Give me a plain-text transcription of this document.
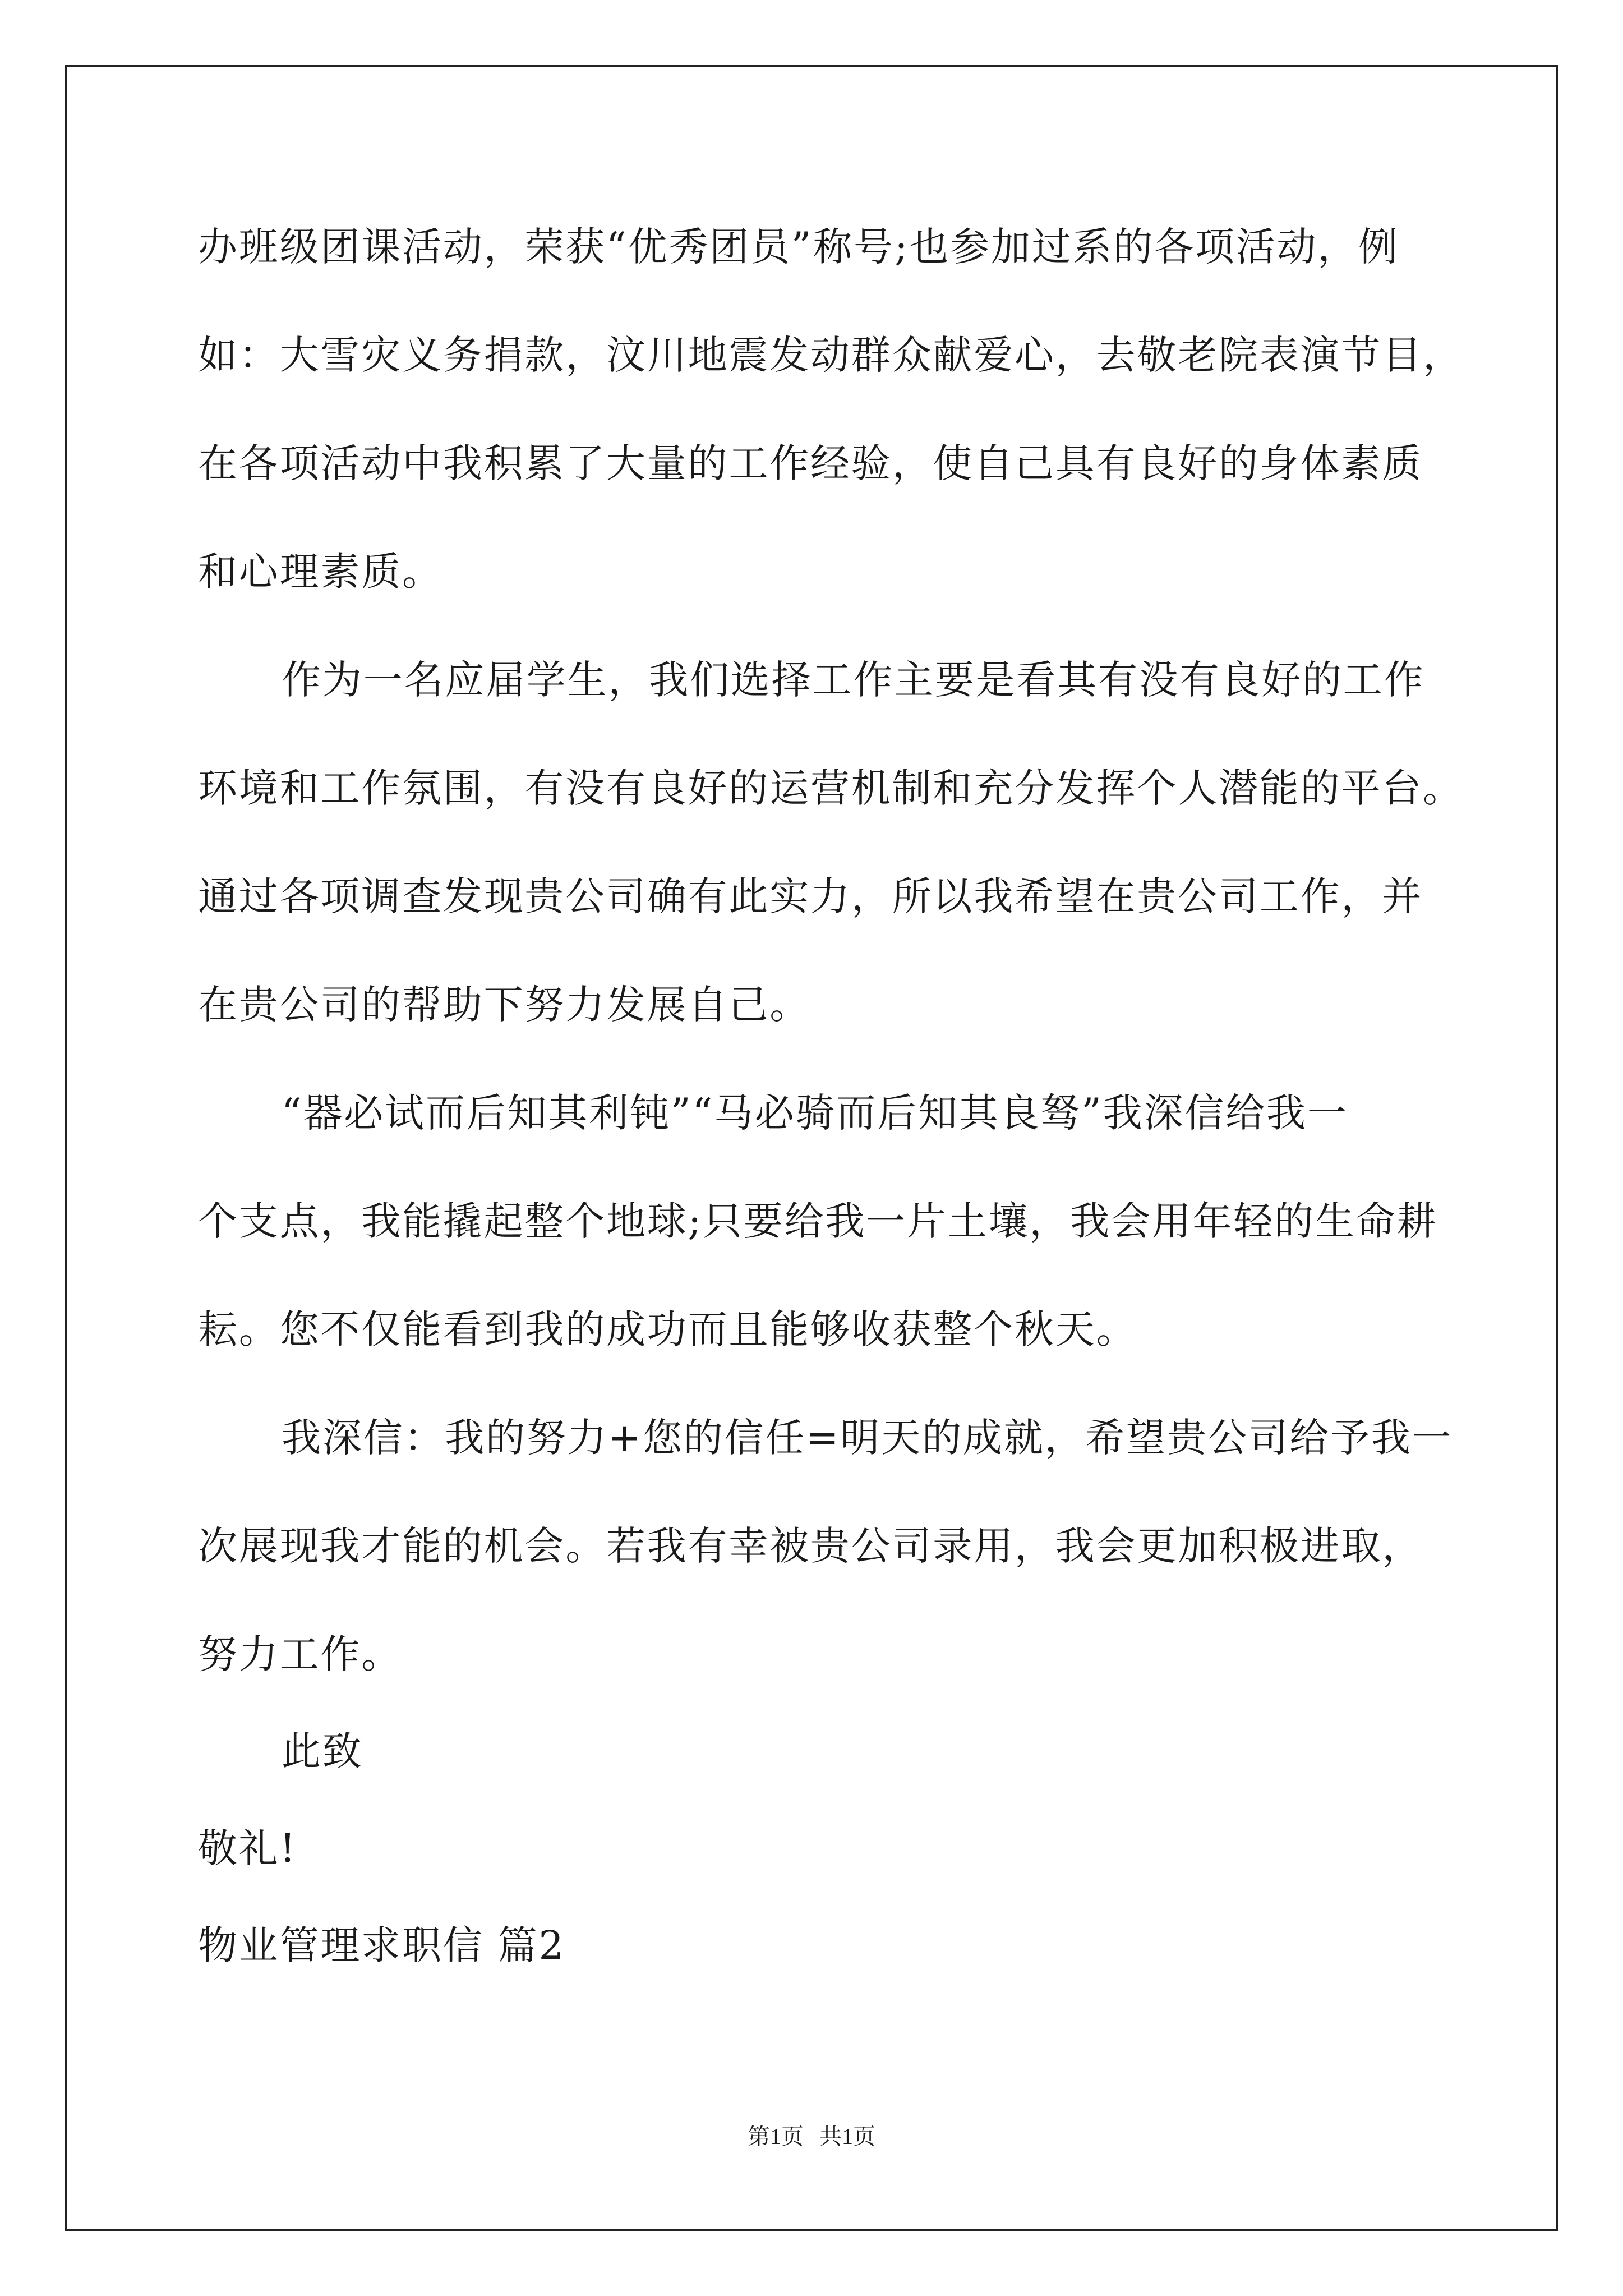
办班级团课活动，荣获“优秀团员”称号;也参加过系的各项活动，例
如：大雪灾义务捐款，汶川地震发动群众献爱心，去敬老院表演节目，
在各项活动中我积累了大量的工作经验，使自己具有良好的身体素质
和心理素质。
作为一名应届学生，我们选择工作主要是看其有没有良好的工作
环境和工作氛围，有没有良好的运营机制和充分发挥个人潜能的平台。
通过各项调查发现贵公司确有此实力，所以我希望在贵公司工作，并
在贵公司的帮助下努力发展自己。
“器必试而后知其利钝”“马必骑而后知其良驽”我深信给我一
个支点，我能撬起整个地球;只要给我一片土壤，我会用年轻的生命耕
耘。您不仅能看到我的成功而且能够收获整个秋天。
我深信：我的努力+您的信任=明天的成就，希望贵公司给予我一
次展现我才能的机会。若我有幸被贵公司录用，我会更加积极进取，
努力工作。
此致
敬礼!
物业管理求职信 篇2
第1页 共1页
